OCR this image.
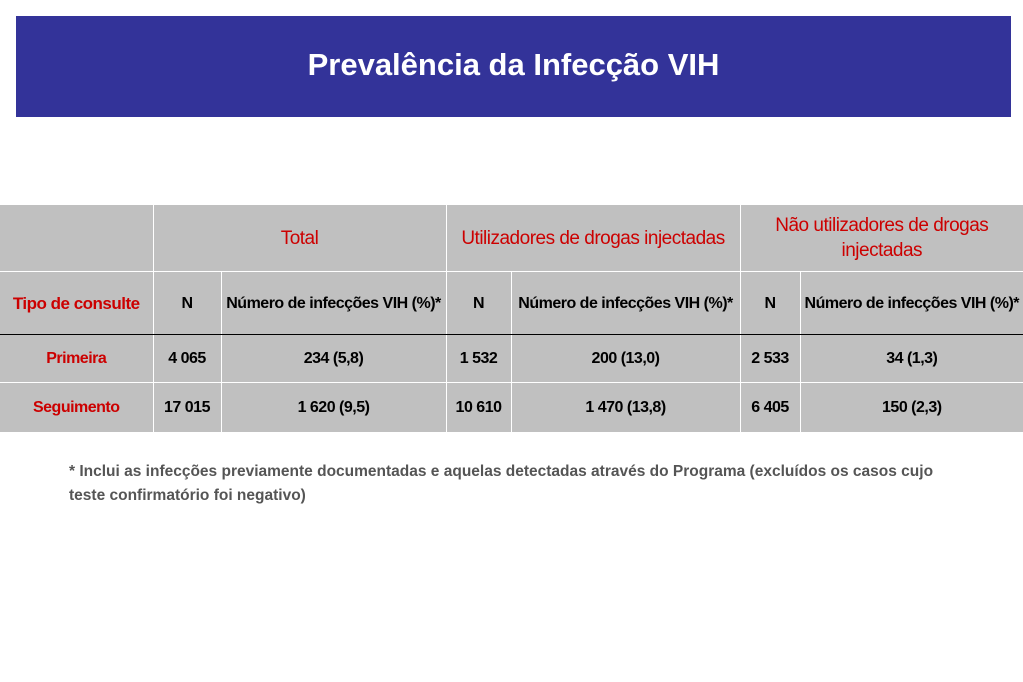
Prevalência da Infecção VIH
	Total		Utilizadores de drogas injectadas		Não utilizadores de drogas injectadas	
Tipo de consulte	N	Número de infecções VIH (%)*	N	Número de infecções VIH (%)*	N	Número de infecções VIH (%)*
Primeira	4 065	234 (5,8)	1 532	200 (13,0)	2 533	34 (1,3)
Seguimento	17 015	1 620 (9,5)	10 610	1 470 (13,8)	6 405	150 (2,3)
* Inclui as infecções previamente documentadas e aquelas detectadas através do Programa (excluídos os casos cujo teste confirmatório foi negativo)
